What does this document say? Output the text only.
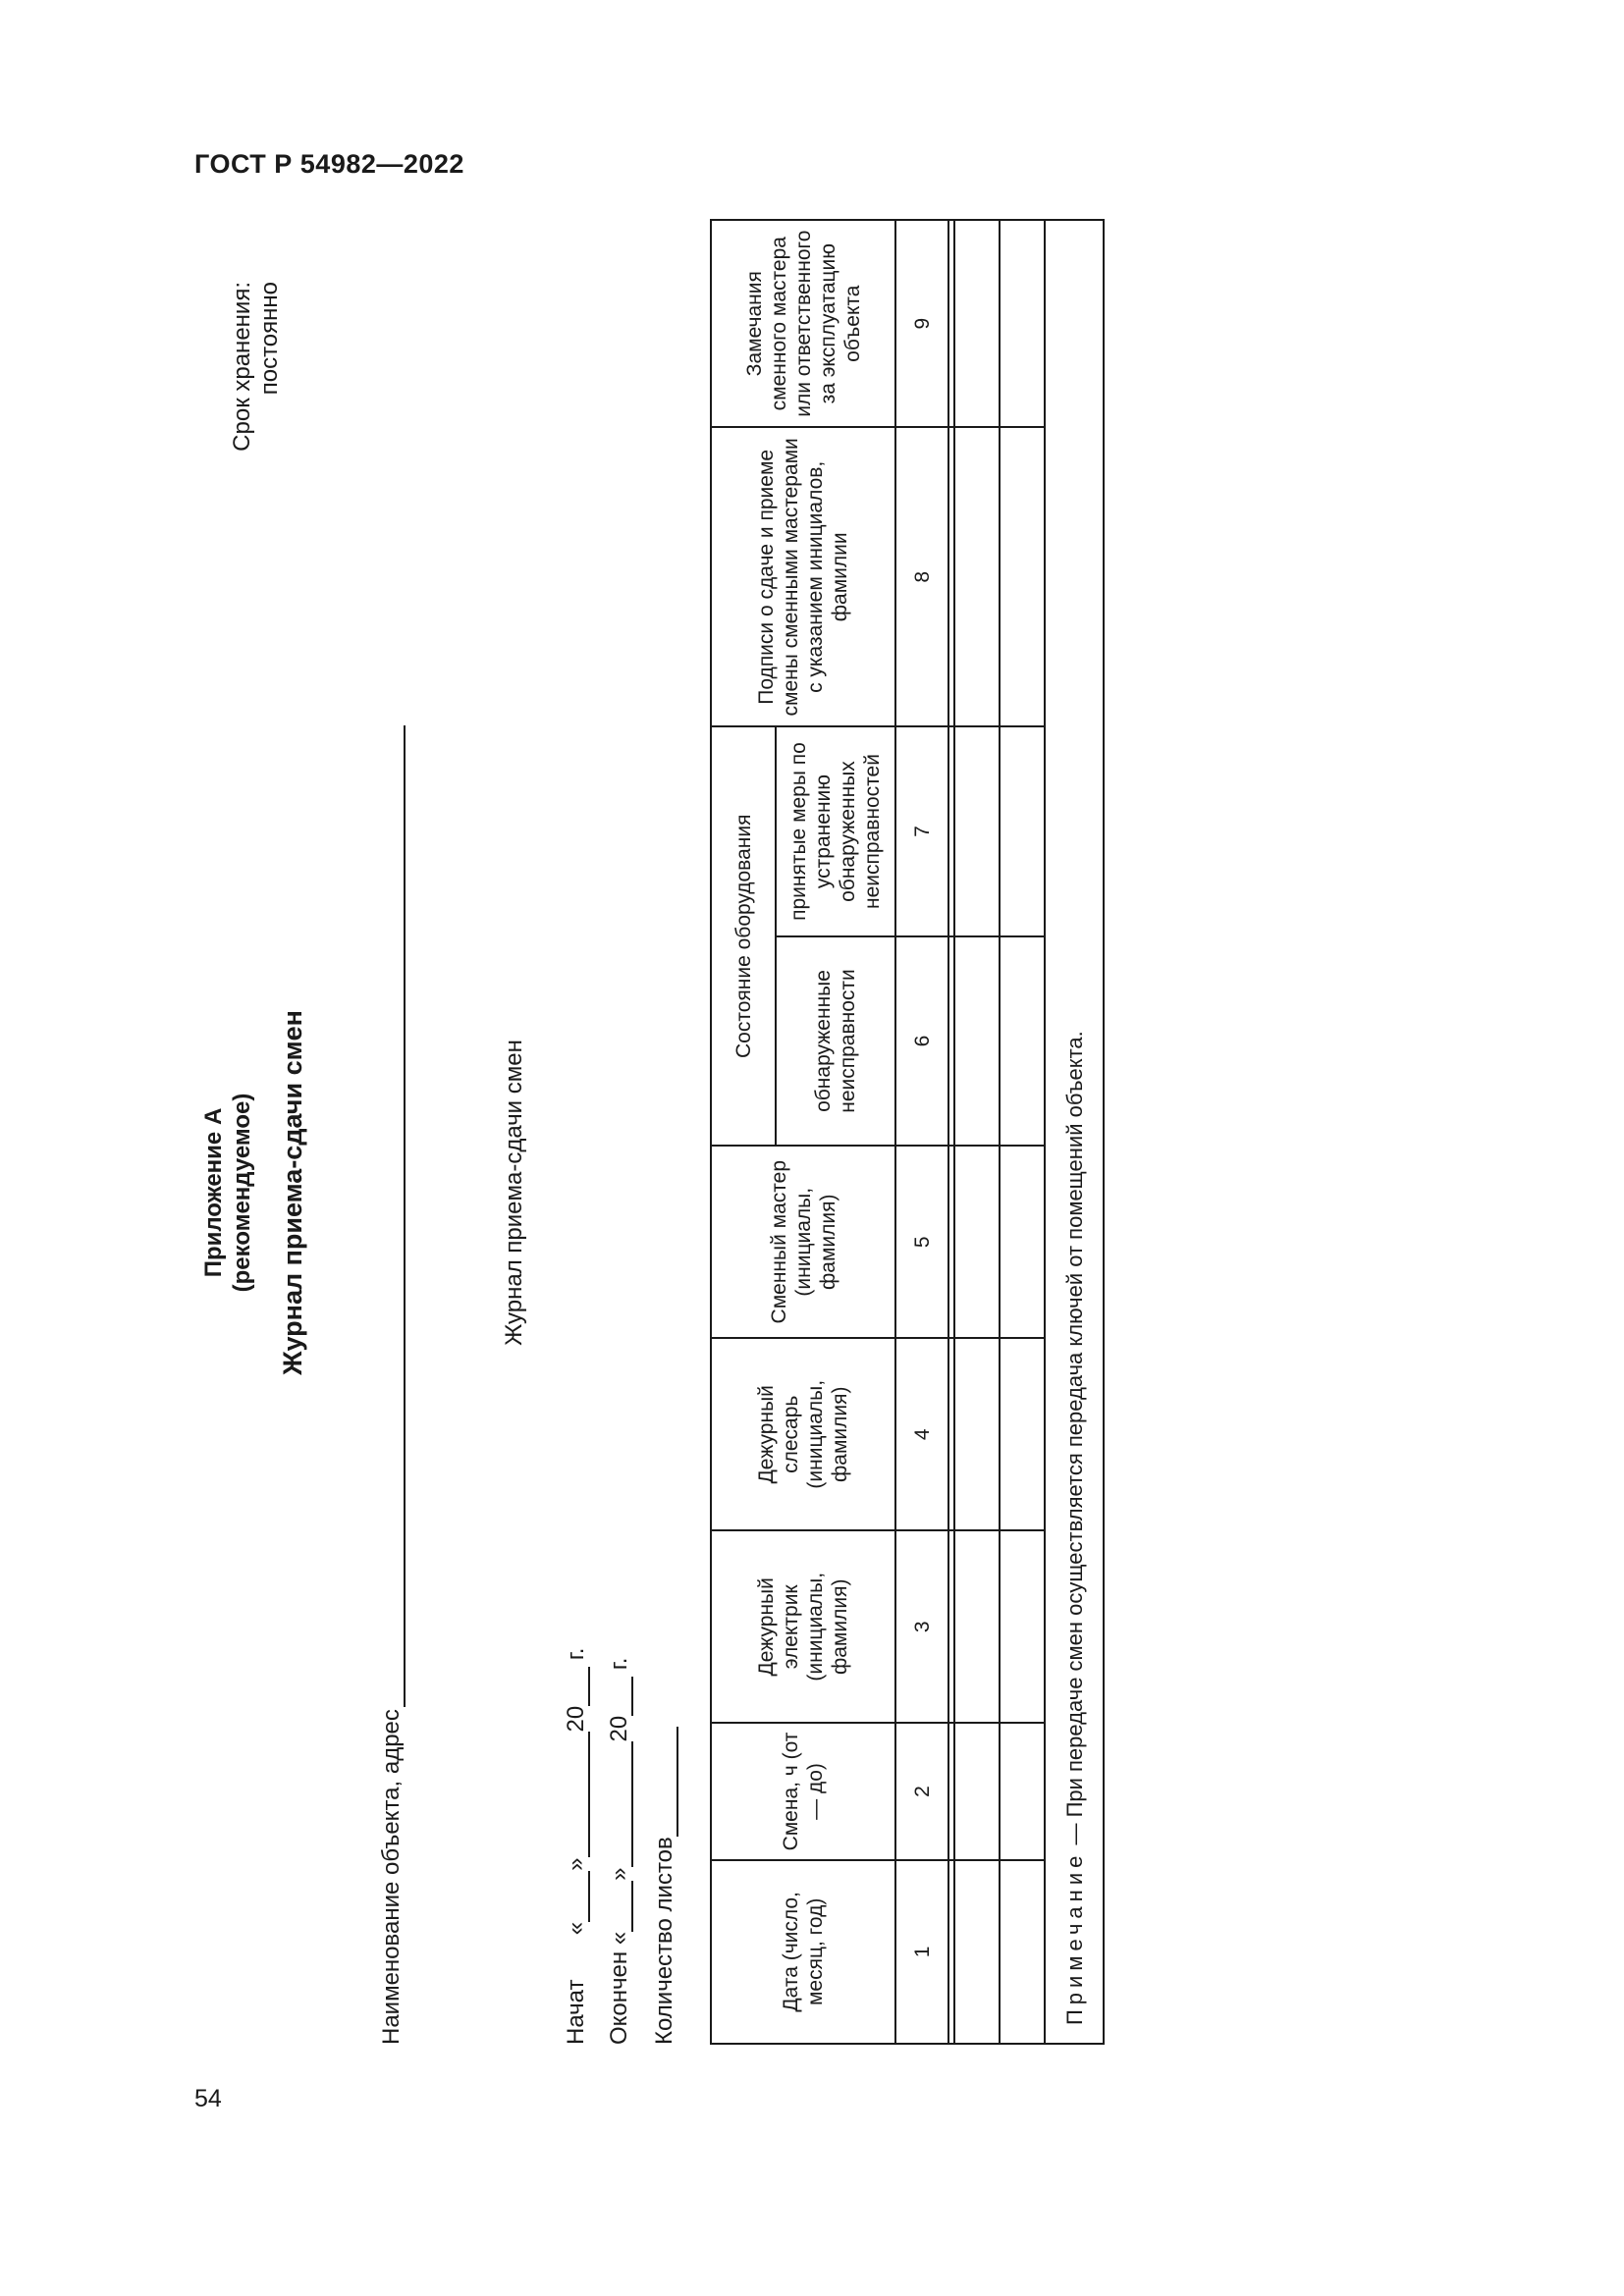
ГОСТ Р 54982—2022
54
Приложение А (рекомендуемое) Журнал приема-сдачи смен
Срок хранения: постоянно
Наименование объекта, адрес
Журнал приема-сдачи смен
Начат  «»20 г.
Окончен «»20 г.
Количество листов	Дата (число, месяц, год)	Смена, ч (от — до)	Дежурный электрик (инициалы, фамилия)	Дежурный слесарь (инициалы, фамилия)	Сменный мастер (инициалы, фамилия)	Состояние оборудования		Подписи о сдаче и приеме смены сменными мастерами с указанием инициалов, фамилии	Замечания сменного мастера или ответственного за эксплуатацию объекта
					обнаруженные неисправности	принятые меры по устранению обнаруженных неисправностей		
1	2	3	4	5	6	7	8	9

Примечание — При передаче смен осуществляется передача ключей от помещений объекта.								
